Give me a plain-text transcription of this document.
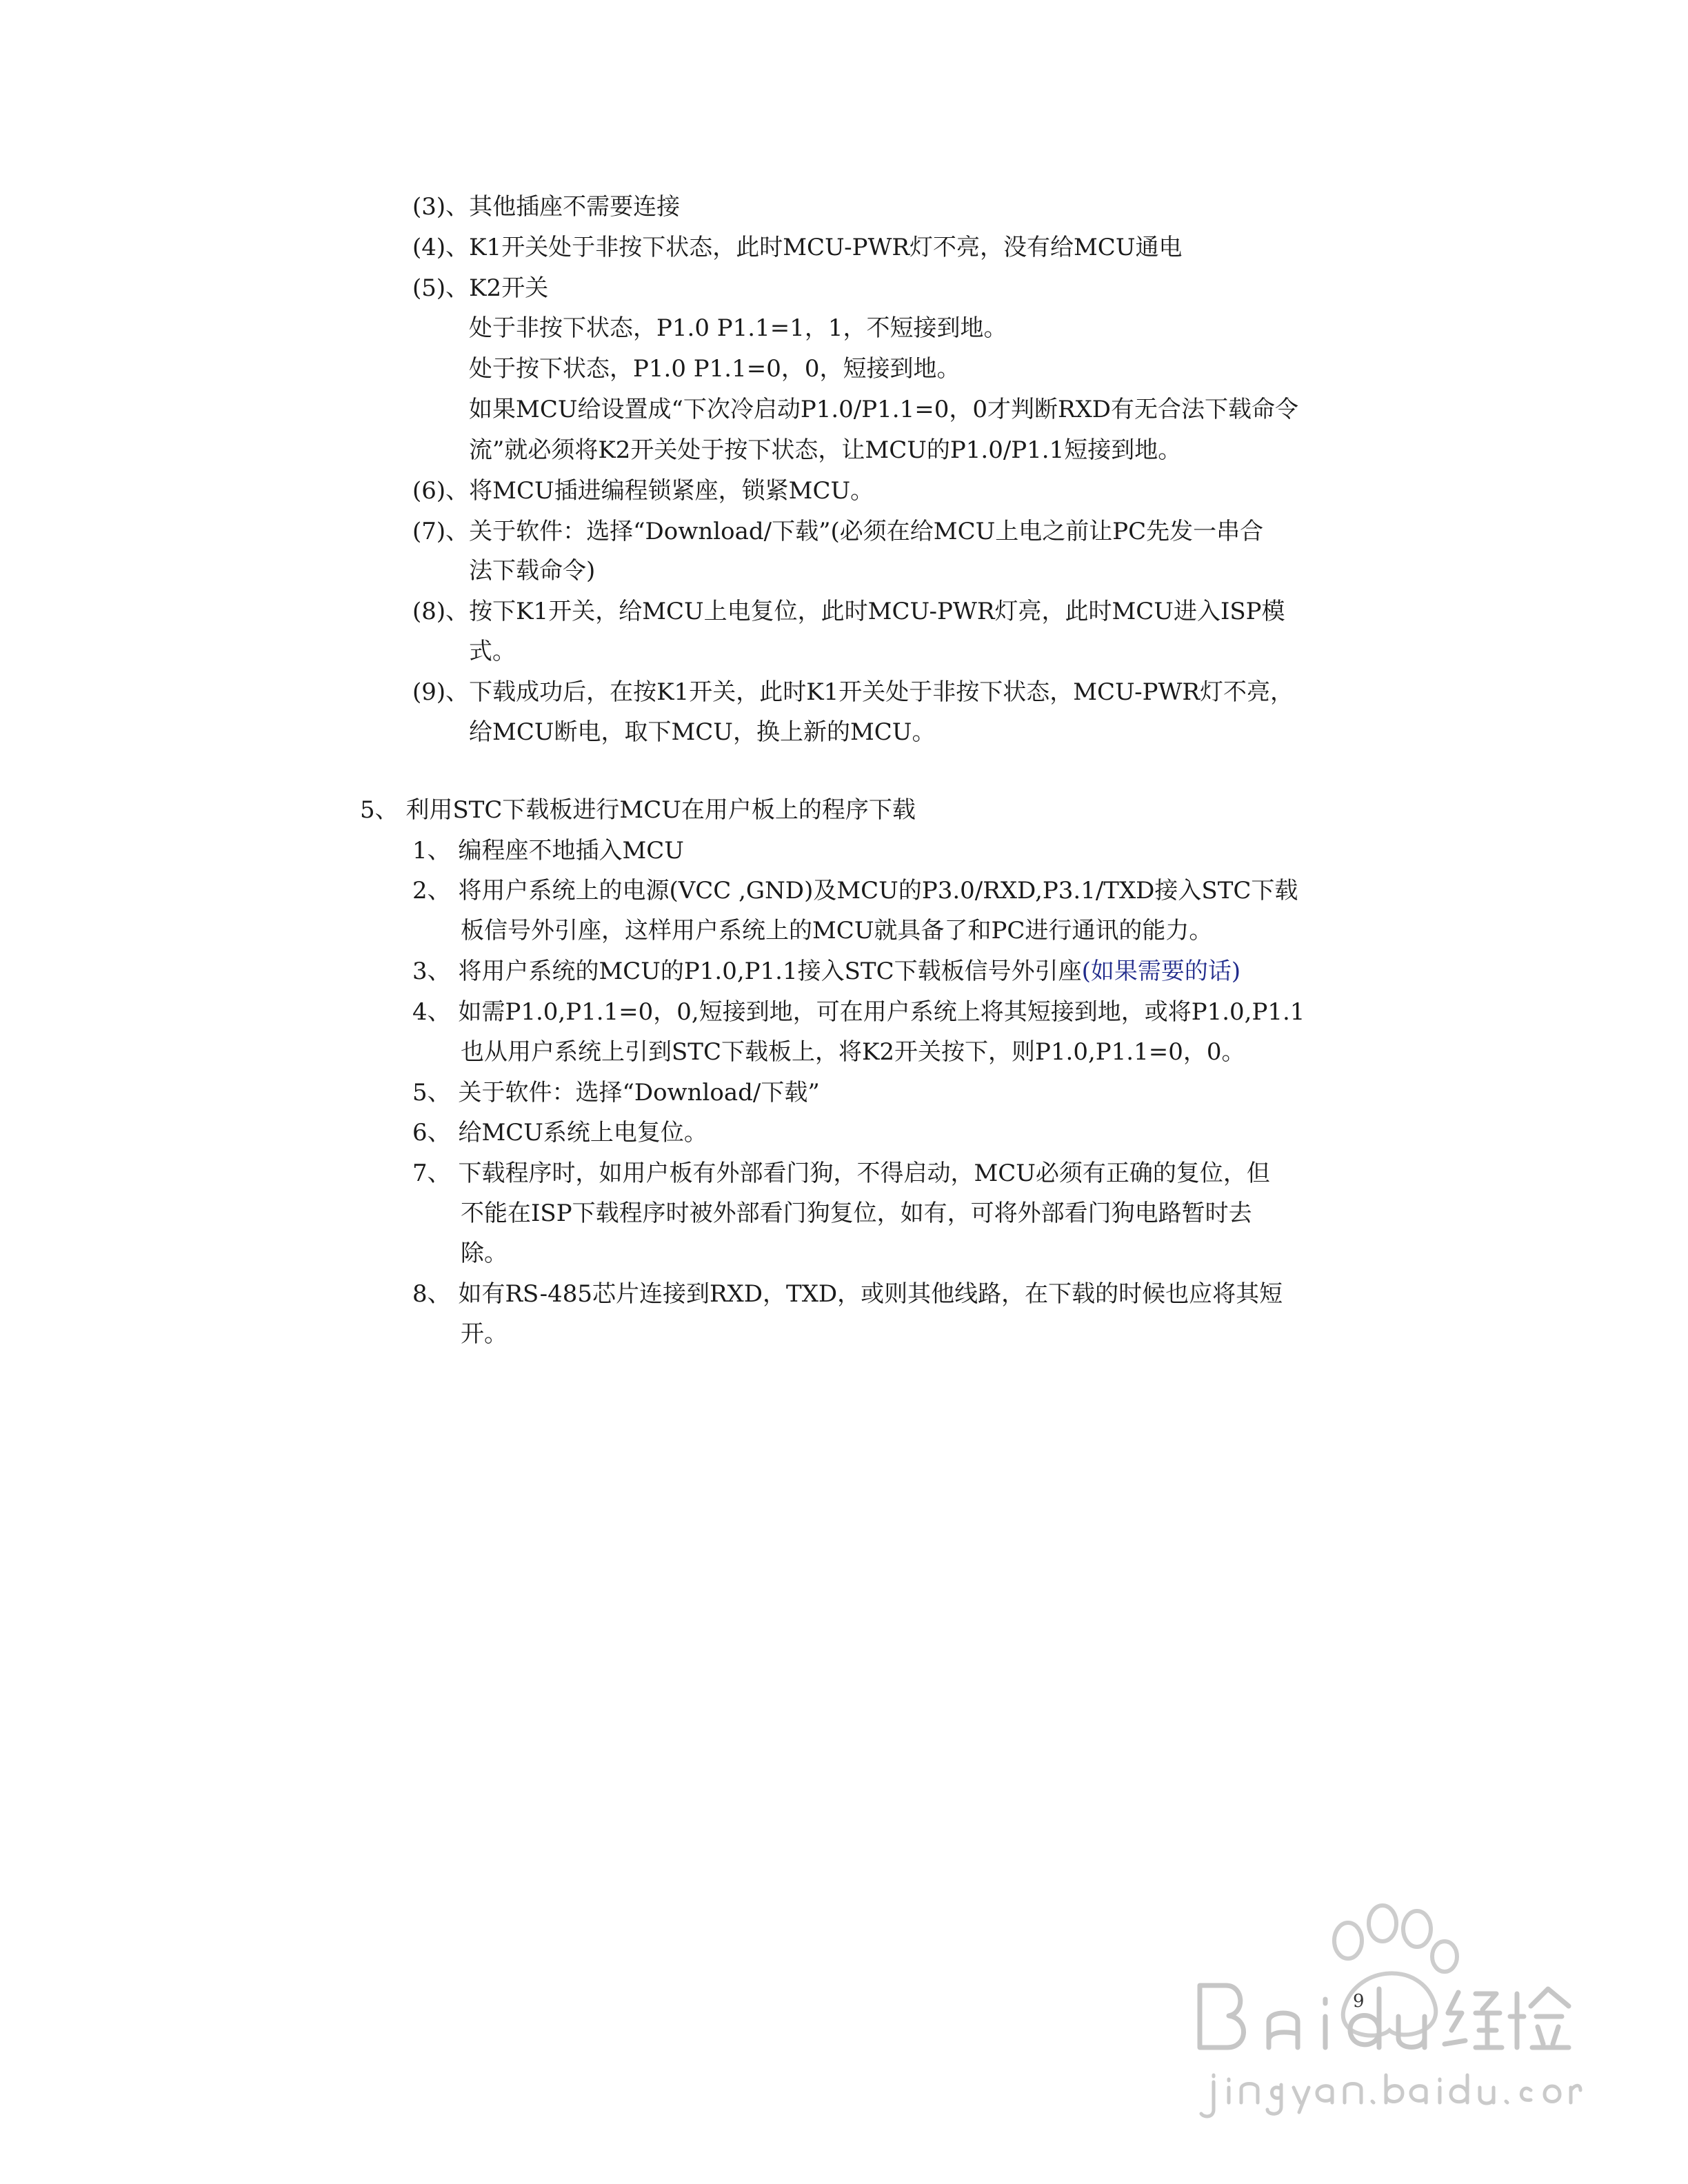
(3)、其他插座不需要连接
(4)、K1开关处于非按下状态，此时MCU-PWR灯不亮，没有给MCU通电
(5)、K2开关
处于非按下状态，P1.0 P1.1=1，1，不短接到地。
处于按下状态，P1.0 P1.1=0，0，短接到地。
如果MCU给设置成“下次冷启动P1.0/P1.1=0，0才判断RXD有无合法下载命令
流”就必须将K2开关处于按下状态，让MCU的P1.0/P1.1短接到地。
(6)、将MCU插进编程锁紧座，锁紧MCU。
(7)、关于软件：选择“Download/下载”(必须在给MCU上电之前让PC先发一串合
法下载命令)
(8)、按下K1开关，给MCU上电复位，此时MCU-PWR灯亮，此时MCU进入ISP模
式。
(9)、下载成功后，在按K1开关，此时K1开关处于非按下状态，MCU-PWR灯不亮，
给MCU断电，取下MCU，换上新的MCU。
5、 利用STC下载板进行MCU在用户板上的程序下载
1、 编程座不地插入MCU
2、 将用户系统上的电源(VCC ,GND)及MCU的P3.0/RXD,P3.1/TXD接入STC下载
板信号外引座，这样用户系统上的MCU就具备了和PC进行通讯的能力。
3、 将用户系统的MCU的P1.0,P1.1接入STC下载板信号外引座(如果需要的话)
4、 如需P1.0,P1.1=0，0,短接到地，可在用户系统上将其短接到地，或将P1.0,P1.1
也从用户系统上引到STC下载板上，将K2开关按下，则P1.0,P1.1=0，0。
5、 关于软件：选择“Download/下载”
6、 给MCU系统上电复位。
7、 下载程序时，如用户板有外部看门狗，不得启动，MCU必须有正确的复位，但
不能在ISP下载程序时被外部看门狗复位，如有，可将外部看门狗电路暂时去
除。
8、 如有RS-485芯片连接到RXD，TXD，或则其他线路，在下载的时候也应将其短
开。
9
